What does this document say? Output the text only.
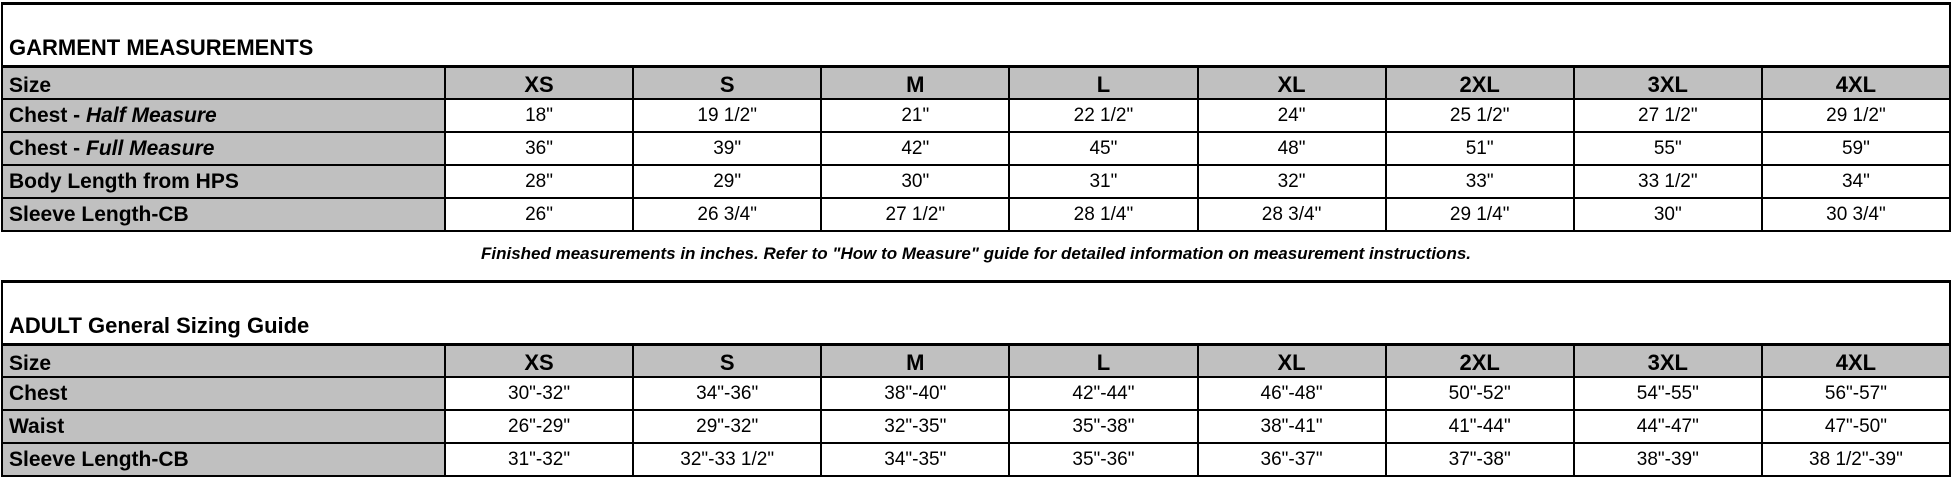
GARMENT MEASUREMENTS								
Size	XS	S	M	L	XL	2XL	3XL	4XL
Chest - Half Measure	18"	19 1/2"	21"	22 1/2"	24"	25 1/2"	27 1/2"	29 1/2"
Chest - Full Measure	36"	39"	42"	45"	48"	51"	55"	59"
Body Length from HPS	28"	29"	30"	31"	32"	33"	33 1/2"	34"
Sleeve Length-CB	26"	26 3/4"	27 1/2"	28 1/4"	28 3/4"	29 1/4"	30"	30 3/4"
Finished measurements in inches. Refer to "How to Measure" guide for detailed information on measurement instructions.
ADULT General Sizing Guide								
Size	XS	S	M	L	XL	2XL	3XL	4XL
Chest	30"-32"	34"-36"	38"-40"	42"-44"	46"-48"	50"-52"	54"-55"	56"-57"
Waist	26"-29"	29"-32"	32"-35"	35"-38"	38"-41"	41"-44"	44"-47"	47"-50"
Sleeve Length-CB	31"-32"	32"-33 1/2"	34"-35"	35"-36"	36"-37"	37"-38"	38"-39"	38 1/2"-39"
